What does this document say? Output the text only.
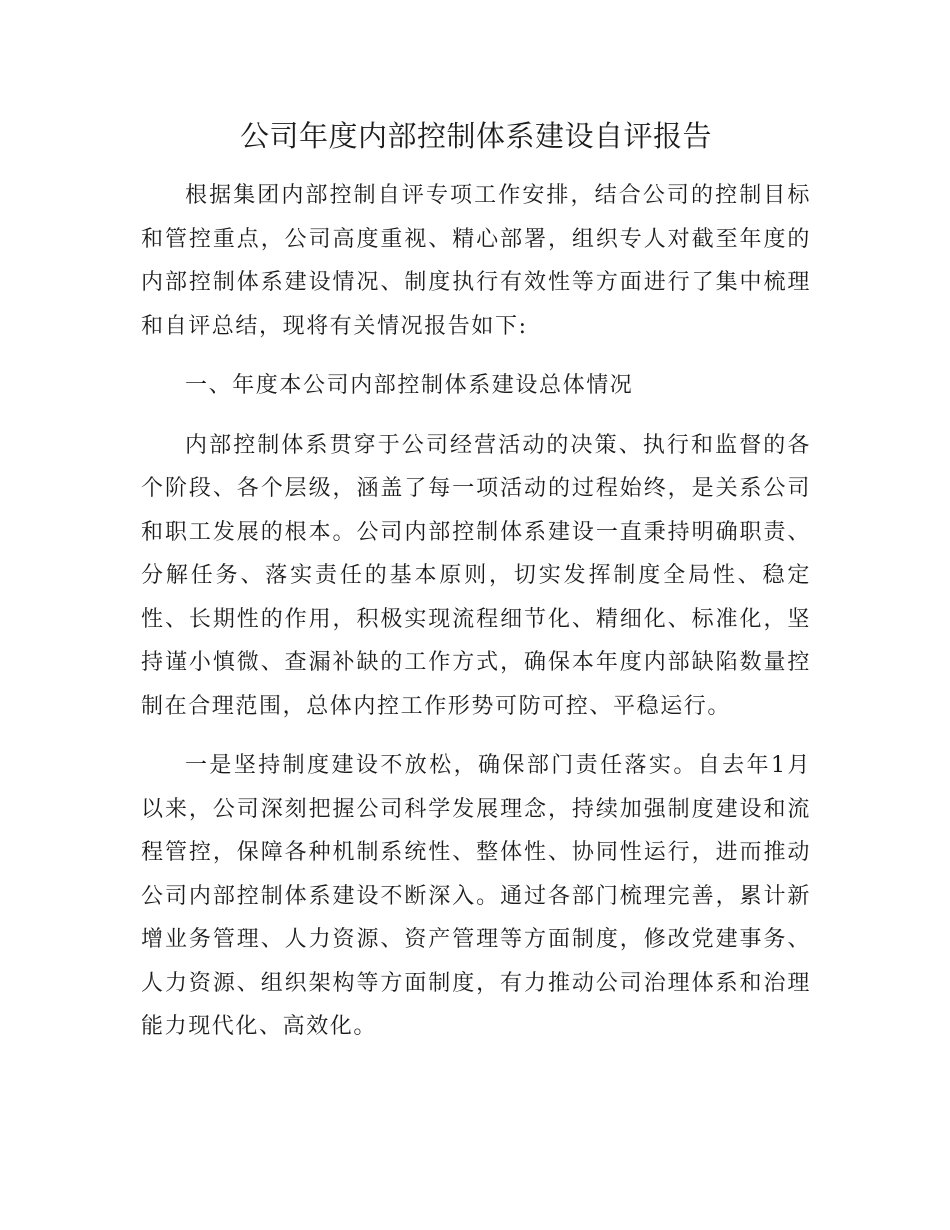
公司年度内部控制体系建设自评报告

根据集团内部控制自评专项工作安排，结合公司的控制目标和管控重点，公司高度重视、精心部署，组织专人对截至年度的内部控制体系建设情况、制度执行有效性等方面进行了集中梳理和自评总结，现将有关情况报告如下:

一、年度本公司内部控制体系建设总体情况

内部控制体系贯穿于公司经营活动的决策、执行和监督的各个阶段、各个层级，涵盖了每一项活动的过程始终，是关系公司和职工发展的根本。公司内部控制体系建设一直秉持明确职责、分解任务、落实责任的基本原则，切实发挥制度全局性、稳定性、长期性的作用，积极实现流程细节化、精细化、标准化，坚持谨小慎微、查漏补缺的工作方式，确保本年度内部缺陷数量控制在合理范围，总体内控工作形势可防可控、平稳运行。

一是坚持制度建设不放松，确保部门责任落实。自去年1月以来，公司深刻把握公司科学发展理念，持续加强制度建设和流程管控，保障各种机制系统性、整体性、协同性运行，进而推动公司内部控制体系建设不断深入。通过各部门梳理完善，累计新增业务管理、人力资源、资产管理等方面制度，修改党建事务、人力资源、组织架构等方面制度，有力推动公司治理体系和治理能力现代化、高效化。
